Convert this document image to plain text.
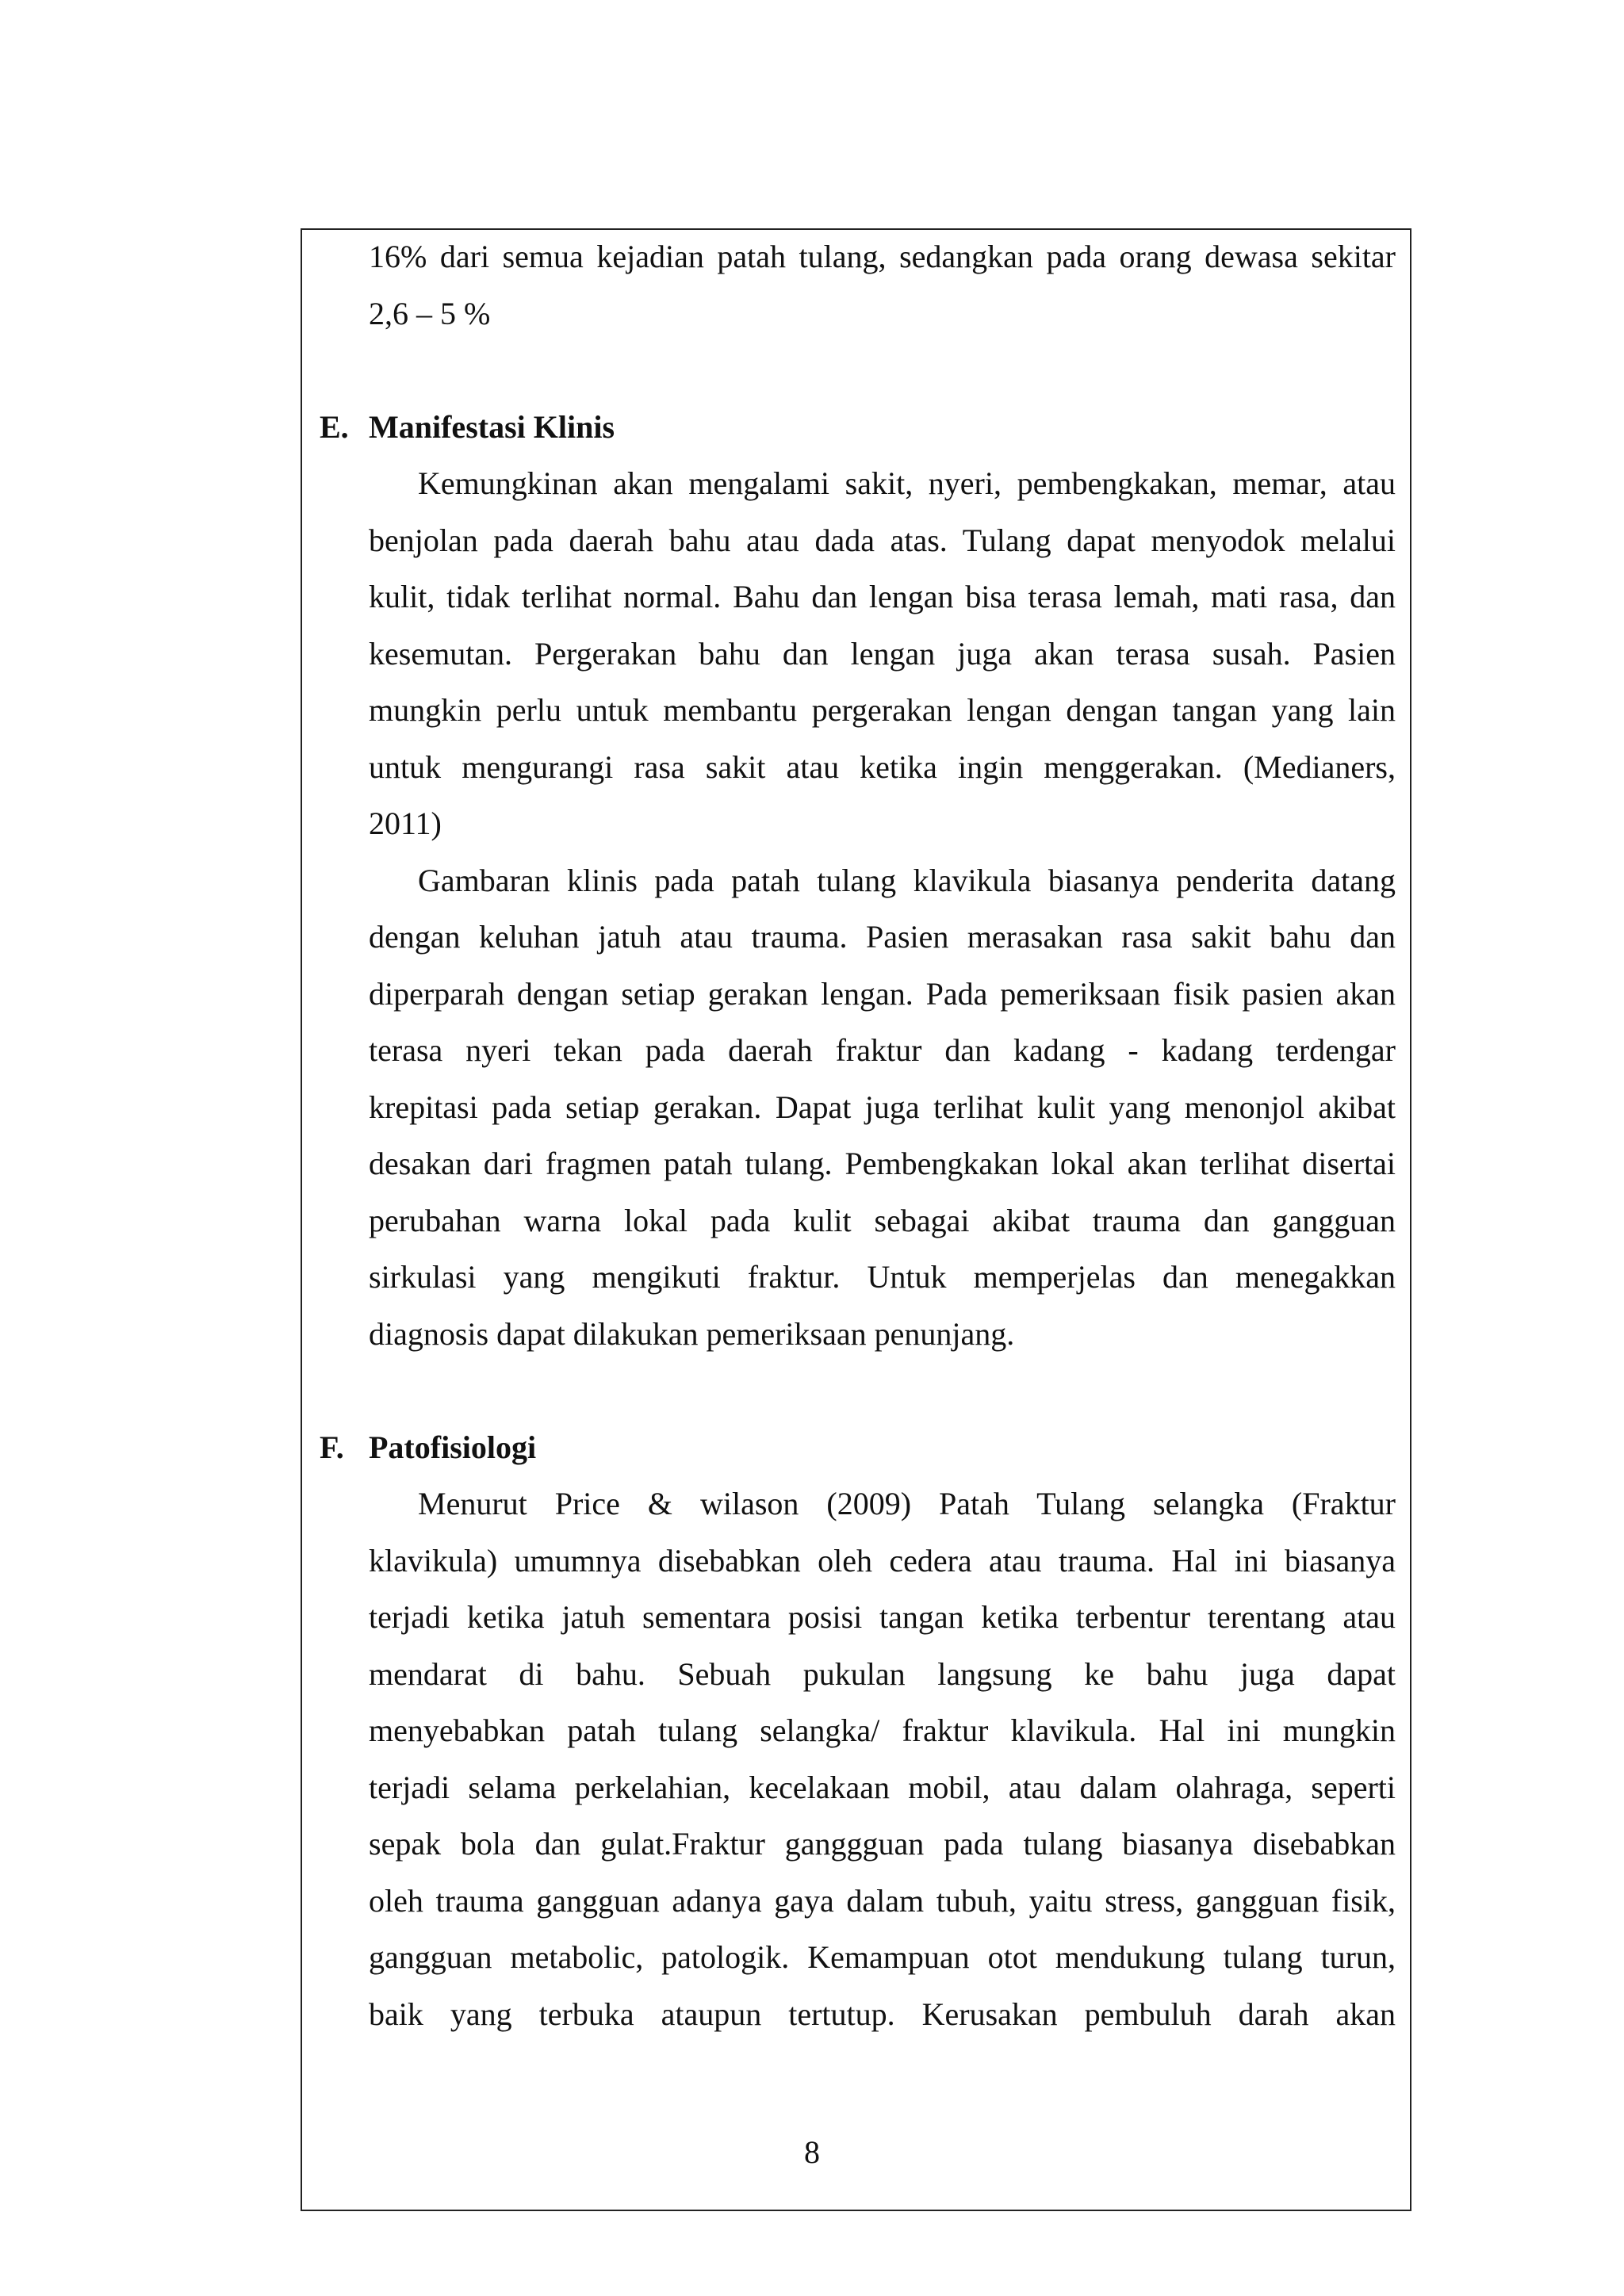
16% dari semua kejadian patah tulang, sedangkan pada orang dewasa sekitar
2,6 – 5 %
E. Manifestasi Klinis
Kemungkinan akan mengalami sakit, nyeri, pembengkakan, memar, atau
benjolan pada daerah bahu atau dada atas. Tulang dapat menyodok melalui
kulit, tidak terlihat normal. Bahu dan lengan bisa terasa lemah, mati rasa, dan
kesemutan. Pergerakan bahu dan lengan juga akan terasa susah. Pasien
mungkin perlu untuk membantu pergerakan lengan dengan tangan yang lain
untuk mengurangi rasa sakit atau ketika ingin menggerakan. (Medianers,
2011)
Gambaran klinis pada patah tulang klavikula biasanya penderita datang
dengan keluhan jatuh atau trauma. Pasien merasakan rasa sakit bahu dan
diperparah dengan setiap gerakan lengan. Pada pemeriksaan fisik pasien akan
terasa nyeri tekan pada daerah fraktur dan kadang - kadang terdengar
krepitasi pada setiap gerakan. Dapat juga terlihat kulit yang menonjol akibat
desakan dari fragmen patah tulang. Pembengkakan lokal akan terlihat disertai
perubahan warna lokal pada kulit sebagai akibat trauma dan gangguan
sirkulasi yang mengikuti fraktur. Untuk memperjelas dan menegakkan
diagnosis dapat dilakukan pemeriksaan penunjang.
F. Patofisiologi
Menurut Price & wilason (2009) Patah Tulang selangka (Fraktur
klavikula) umumnya disebabkan oleh cedera atau trauma. Hal ini biasanya
terjadi ketika jatuh sementara posisi tangan ketika terbentur terentang atau
mendarat di bahu. Sebuah pukulan langsung ke bahu juga dapat
menyebabkan patah tulang selangka/ fraktur klavikula. Hal ini mungkin
terjadi selama perkelahian, kecelakaan mobil, atau dalam olahraga, seperti
sepak bola dan gulat.Fraktur ganggguan pada tulang biasanya disebabkan
oleh trauma gangguan adanya gaya dalam tubuh, yaitu stress, gangguan fisik,
gangguan metabolic, patologik. Kemampuan otot mendukung tulang turun,
baik yang terbuka ataupun tertutup. Kerusakan pembuluh darah akan
8
